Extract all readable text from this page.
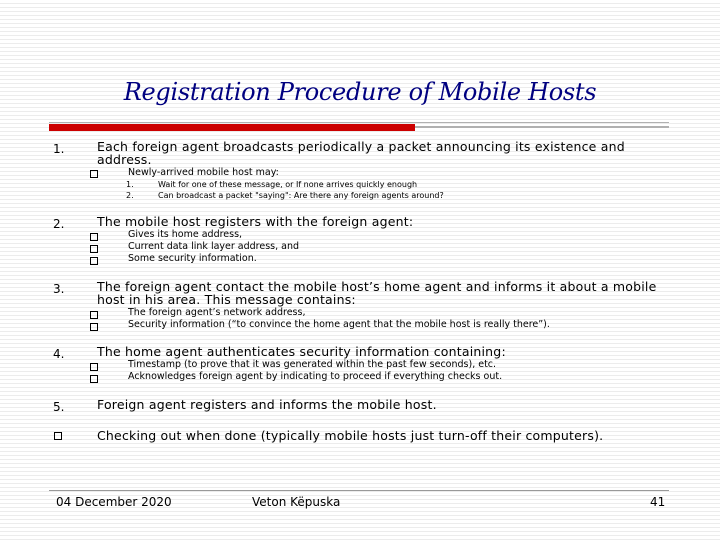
Registration Procedure of Mobile Hosts
1.	Each foreign agent broadcasts periodically a packet announcing its existence and
address.
Newly-arrived mobile host may:
1.	Wait for one of these message, or If none arrives quickly enough
2.	Can broadcast a packet "saying": Are there any foreign agents around?
2.	The mobile host registers with the foreign agent:
Gives its home address,
Current data link layer address, and
Some security information.
3.	The foreign agent contact the mobile host’s home agent and informs it about a mobile
host in his area. This message contains:
The foreign agent’s network address,
Security information (“to convince the home agent that the mobile host is really there”).
4.	The home agent authenticates security information containing:
Timestamp (to prove that it was generated within the past few seconds), etc.
Acknowledges foreign agent by indicating to proceed if everything checks out.
5.	Foreign agent registers and informs the mobile host.
Checking out when done (typically mobile hosts just turn-off their computers).
04 December 2020	Veton Këpuska	41
